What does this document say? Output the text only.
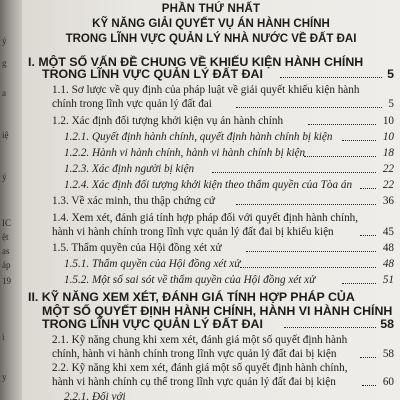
ỷ
g
a
iệ
ý
IC
ệt
as
áp
19
i
y
PHẦN THỨ NHẤT
KỸ NĂNG GIẢI QUYẾT VỤ ÁN HÀNH CHÍNH
TRONG LĨNH VỰC QUẢN LÝ NHÀ NƯỚC VỀ ĐẤT ĐAI
I. MỘT SỐ VẤN ĐỀ CHUNG VỀ KHIẾU KIỆN HÀNH CHÍNH
TRONG LĨNH VỰC QUẢN LÝ ĐẤT ĐAI	5
1.1. Sơ lược về quy định của pháp luật về giải quyết khiếu kiện hành
chính trong lĩnh vực quản lý đất đai	5
1.2. Xác định đối tượng khởi kiện vụ án hành chính	10
1.2.1. Quyết định hành chính, quyết định hành chính bị kiện	10
1.2.2. Hành vi hành chính, hành vi hành chính bị kiện	18
1.2.3. Xác định người bị kiện	22
1.2.4. Xác định đối tượng khởi kiện theo thẩm quyền của Tòa án	22
1.3. Về xác minh, thu thập chứng cứ	36
1.4. Xem xét, đánh giá tính hợp pháp đối với quyết định hành chính,
hành vi hành chính trong lĩnh vực quản lý đất đai bị khiếu kiện	45
1.5. Thẩm quyền của Hội đồng xét xử	48
1.5.1. Thẩm quyền của Hội đồng xét xử	48
1.5.2. Một số sai sót về thẩm quyền của Hội đồng xét xử	51
II. KỸ NĂNG XEM XÉT, ĐÁNH GIÁ TÍNH HỢP PHÁP CỦA
MỘT SỐ QUYẾT ĐỊNH HÀNH CHÍNH, HÀNH VI HÀNH CHÍNH
TRONG LĨNH VỰC QUẢN LÝ ĐẤT ĐAI	58
2.1. Kỹ năng chung khi xem xét, đánh giá một số quyết định hành
chính, hành vi hành chính trong lĩnh vực quản lý đất đai bị kiện	58
2.2. Kỹ năng khi xem xét, đánh giá một số quyết định hành chính,
hành vi hành chính cụ thể trong lĩnh vực quản lý đất đai bị kiện	60
2.2.1. Đối với
